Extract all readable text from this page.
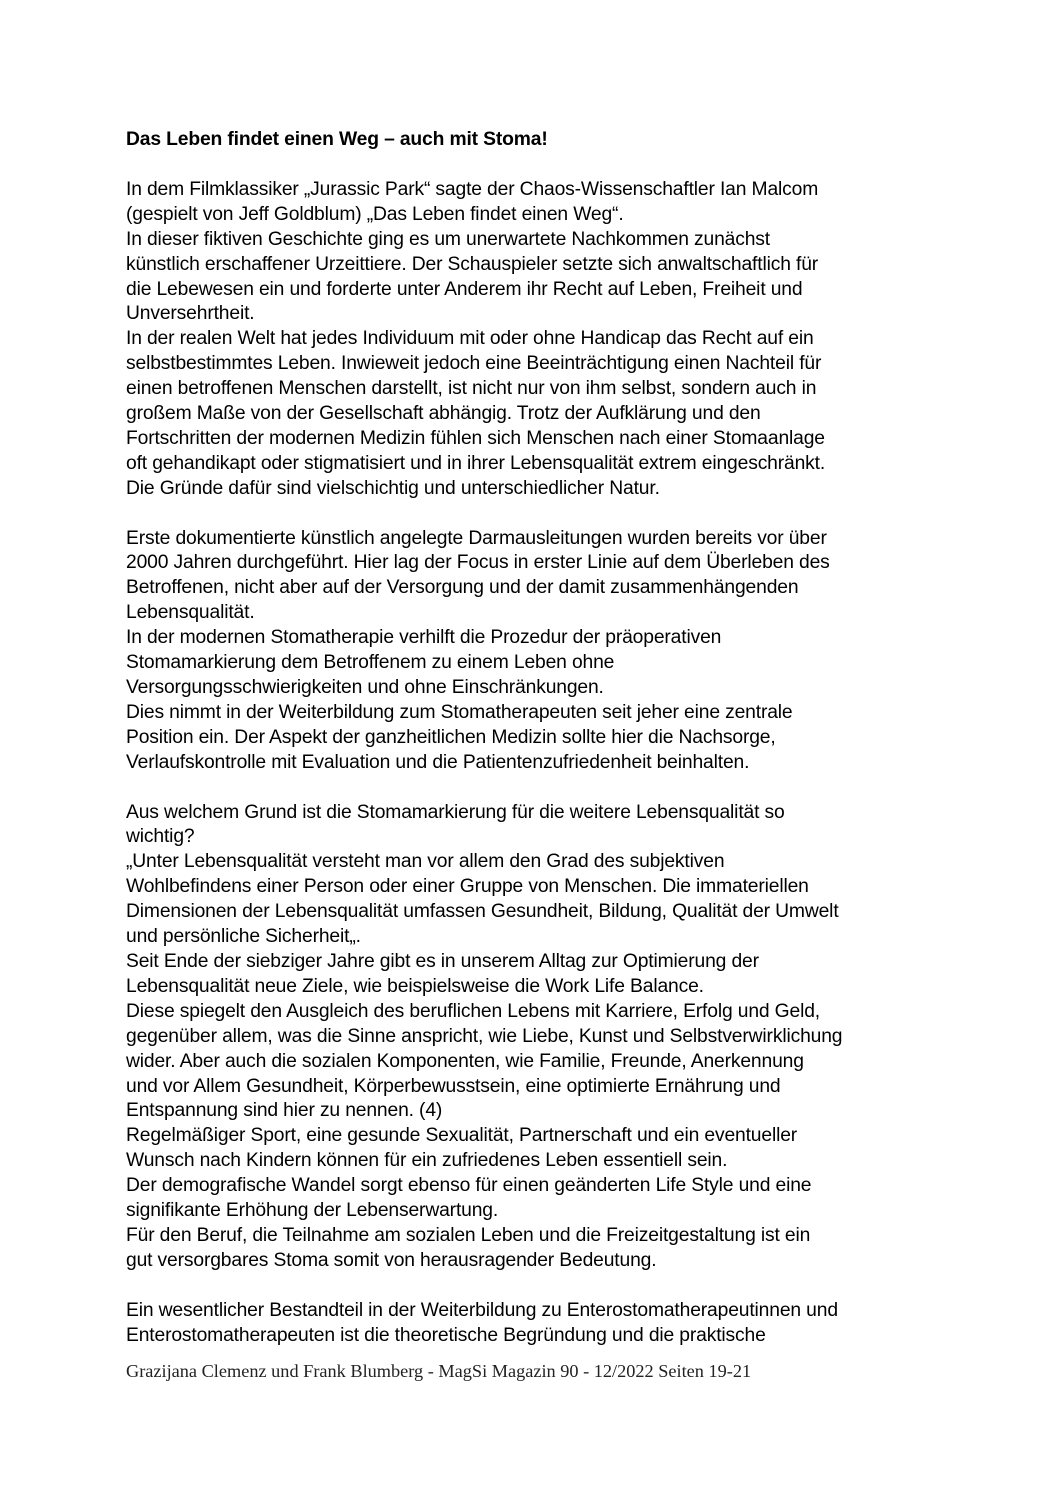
Das Leben findet einen Weg – auch mit Stoma!
In dem Filmklassiker „Jurassic Park“ sagte der Chaos-Wissenschaftler Ian Malcom
(gespielt von Jeff Goldblum) „Das Leben findet einen Weg“.
In dieser fiktiven Geschichte ging es um unerwartete Nachkommen zunächst
künstlich erschaffener Urzeittiere. Der Schauspieler setzte sich anwaltschaftlich für
die Lebewesen ein und forderte unter Anderem ihr Recht auf Leben, Freiheit und
Unversehrtheit.
In der realen Welt hat jedes Individuum mit oder ohne Handicap das Recht auf ein
selbstbestimmtes Leben. Inwieweit jedoch eine Beeinträchtigung einen Nachteil für
einen betroffenen Menschen darstellt, ist nicht nur von ihm selbst, sondern auch in
großem Maße von der Gesellschaft abhängig. Trotz der Aufklärung und den
Fortschritten der modernen Medizin fühlen sich Menschen nach einer Stomaanlage
oft gehandikapt oder stigmatisiert und in ihrer Lebensqualität extrem eingeschränkt.
Die Gründe dafür sind vielschichtig und unterschiedlicher Natur.
Erste dokumentierte künstlich angelegte Darmausleitungen wurden bereits vor über
2000 Jahren durchgeführt. Hier lag der Focus in erster Linie auf dem Überleben des
Betroffenen, nicht aber auf der Versorgung und der damit zusammenhängenden
Lebensqualität.
In der modernen Stomatherapie verhilft die Prozedur der präoperativen
Stomamarkierung dem Betroffenem zu einem Leben ohne
Versorgungsschwierigkeiten und ohne Einschränkungen.
Dies nimmt in der Weiterbildung zum Stomatherapeuten seit jeher eine zentrale
Position ein. Der Aspekt der ganzheitlichen Medizin sollte hier die Nachsorge,
Verlaufskontrolle mit Evaluation und die Patientenzufriedenheit beinhalten.
Aus welchem Grund ist die Stomamarkierung für die weitere Lebensqualität so
wichtig?
„Unter Lebensqualität versteht man vor allem den Grad des subjektiven
Wohlbefindens einer Person oder einer Gruppe von Menschen. Die immateriellen
Dimensionen der Lebensqualität umfassen Gesundheit, Bildung, Qualität der Umwelt
und persönliche Sicherheit„.
Seit Ende der siebziger Jahre gibt es in unserem Alltag zur Optimierung der
Lebensqualität neue Ziele, wie beispielsweise die Work Life Balance.
Diese spiegelt den Ausgleich des beruflichen Lebens mit Karriere, Erfolg und Geld,
gegenüber allem, was die Sinne anspricht, wie Liebe, Kunst und Selbstverwirklichung
wider. Aber auch die sozialen Komponenten, wie Familie, Freunde, Anerkennung
und vor Allem Gesundheit, Körperbewusstsein, eine optimierte Ernährung und
Entspannung sind hier zu nennen. (4)
Regelmäßiger Sport, eine gesunde Sexualität, Partnerschaft und ein eventueller
Wunsch nach Kindern können für ein zufriedenes Leben essentiell sein.
Der demografische Wandel sorgt ebenso für einen geänderten Life Style und eine
signifikante Erhöhung der Lebenserwartung.
Für den Beruf, die Teilnahme am sozialen Leben und die Freizeitgestaltung ist ein
gut versorgbares Stoma somit von herausragender Bedeutung.
Ein wesentlicher Bestandteil in der Weiterbildung zu Enterostomatherapeutinnen und
Enterostomatherapeuten ist die theoretische Begründung und die praktische
Grazijana Clemenz und Frank Blumberg - MagSi Magazin 90 - 12/2022 Seiten 19-21
